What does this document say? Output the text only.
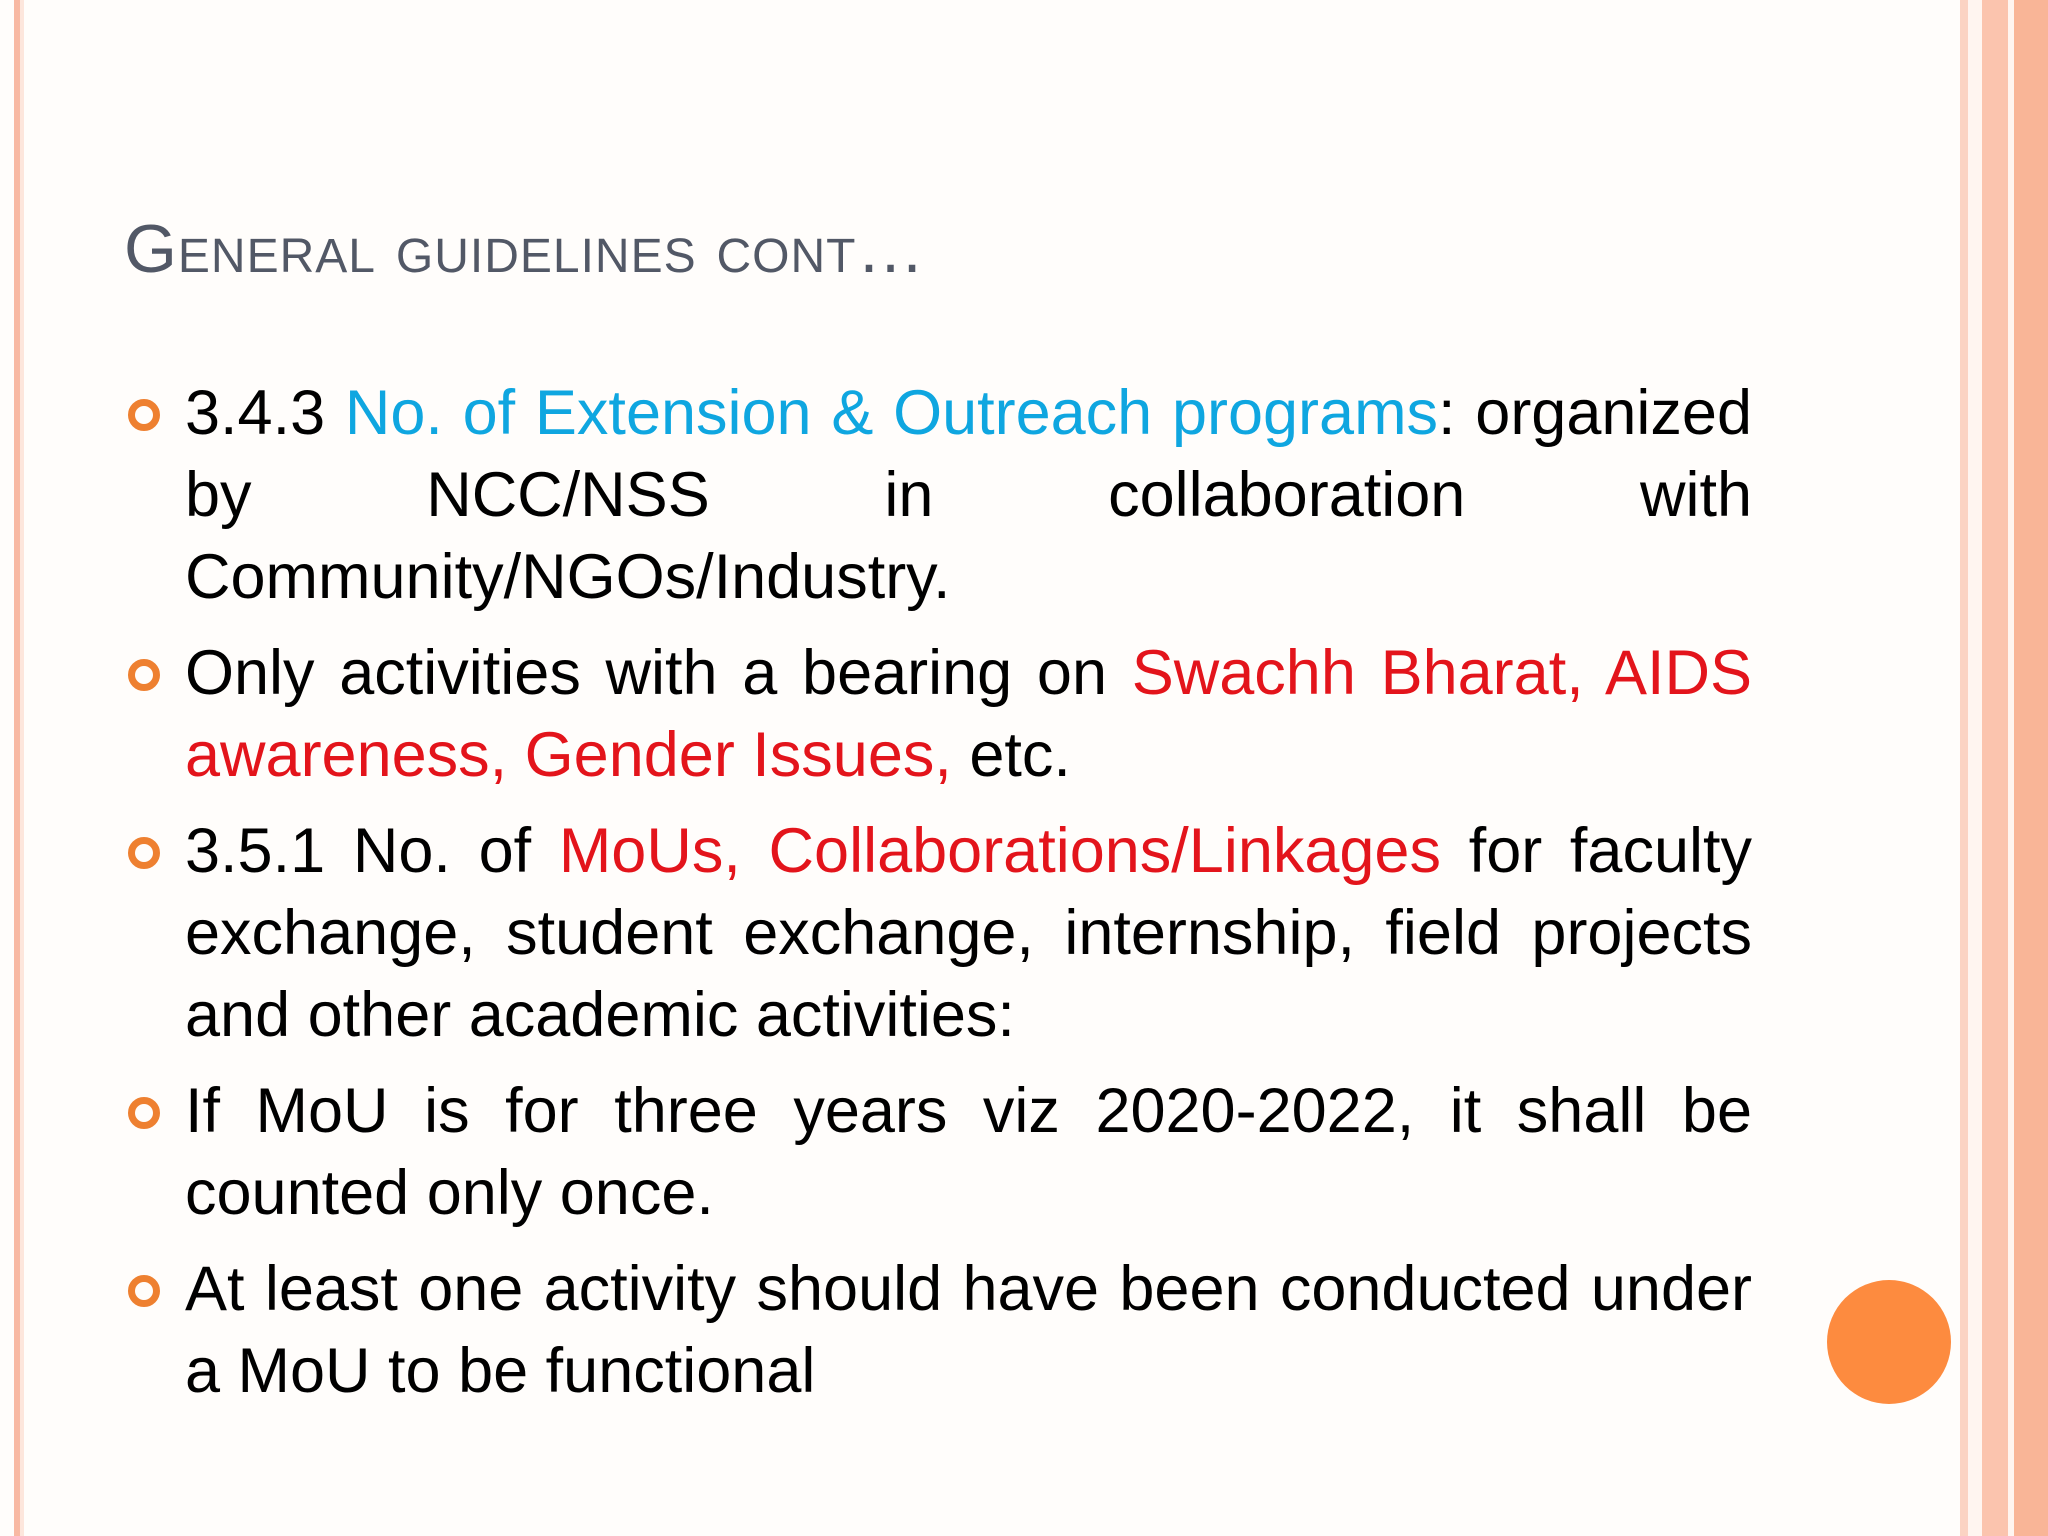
General guidelines cont…
3.4.3 No. of Extension & Outreach programs: organized by NCC/NSS in collaboration with Community/NGOs/Industry.
Only activities with a bearing on Swachh Bharat, AIDS awareness, Gender Issues, etc.
3.5.1 No. of MoUs, Collaborations/Linkages for faculty exchange, student exchange, internship, field projects and other academic activities:
If MoU is for three years viz 2020-2022, it shall be counted only once.
At least one activity should have been conducted under a MoU to be functional
